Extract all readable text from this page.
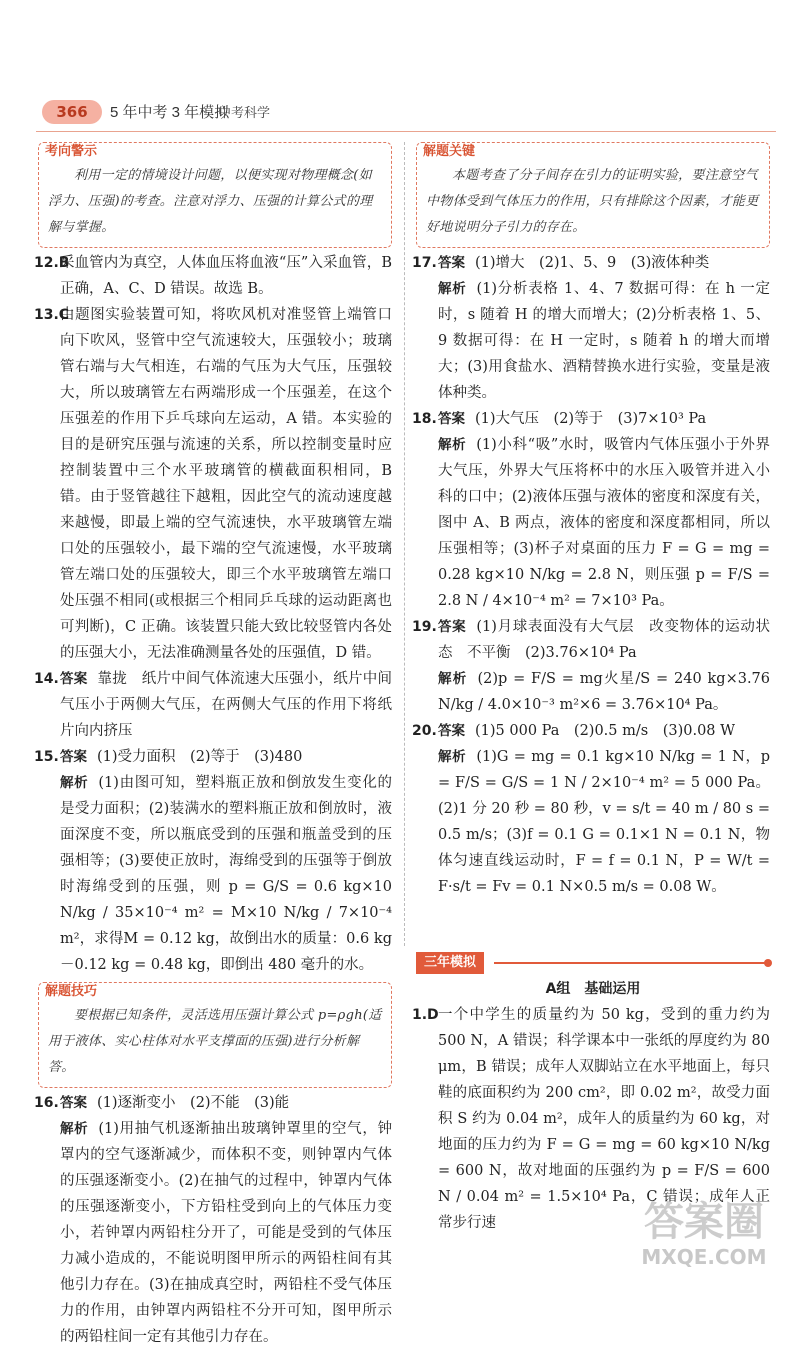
366	5 年中考 3 年模拟
中考科学
考向警示

利用一定的情境设计问题，以便实现对物理概念(如浮力、压强)的考查。注意对浮力、压强的计算公式的理解与掌握。

12.B

采血管内为真空，人体血压将血液“压”入采血管，B 正确，A、C、D 错误。故选 B。

13.C

由题图实验装置可知，将吹风机对准竖管上端管口向下吹风，竖管中空气流速较大，压强较小；玻璃管右端与大气相连，右端的气压为大气压，压强较大，所以玻璃管左右两端形成一个压强差，在这个压强差的作用下乒乓球向左运动，A 错。本实验的目的是研究压强与流速的关系，所以控制变量时应控制装置中三个水平玻璃管的横截面积相同，B 错。由于竖管越往下越粗，因此空气的流动速度越来越慢，即最上端的空气流速快，水平玻璃管左端口处的压强较小，最下端的空气流速慢，水平玻璃管左端口处的压强较大，即三个水平玻璃管左端口处压强不相同(或根据三个相同乒乓球的运动距离也可判断)，C 正确。该装置只能大致比较竖管内各处的压强大小，无法准确测量各处的压强值，D 错。

14. 答案 靠拢　纸片中间气体流速大压强小，纸片中间气压小于两侧大气压，在两侧大气压的作用下将纸片向内挤压

15. 答案 (1)受力面积　(2)等于　(3)480

解析 (1)由图可知，塑料瓶正放和倒放发生变化的是受力面积；(2)装满水的塑料瓶正放和倒放时，液面深度不变，所以瓶底受到的压强和瓶盖受到的压强相等；(3)要使正放时，海绵受到的压强等于倒放时海绵受到的压强，则 p = G/S = 0.6 kg×10 N/kg / 35×10⁻⁴ m² = M×10 N/kg / 7×10⁻⁴ m²，求得M = 0.12 kg，故倒出水的质量：0.6 kg－0.12 kg = 0.48 kg，即倒出 480 毫升的水。

解题技巧

要根据已知条件，灵活选用压强计算公式 p=ρgh(适用于液体、实心柱体对水平支撑面的压强)进行分析解答。

16. 答案 (1)逐渐变小　(2)不能　(3)能

解析 (1)用抽气机逐渐抽出玻璃钟罩里的空气，钟罩内的空气逐渐减少，而体积不变，则钟罩内气体的压强逐渐变小。(2)在抽气的过程中，钟罩内气体的压强逐渐变小，下方铅柱受到向上的气体压力变小，若钟罩内两铅柱分开了，可能是受到的气体压力减小造成的，不能说明图甲所示的两铅柱间有其他引力存在。(3)在抽成真空时，两铅柱不受气体压力的作用，由钟罩内两铅柱不分开可知，图甲所示的两铅柱间一定有其他引力存在。

解题关键

本题考查了分子间存在引力的证明实验，要注意空气中物体受到气体压力的作用，只有排除这个因素，才能更好地说明分子引力的存在。

17. 答案 (1)增大　(2)1、5、9　(3)液体种类

解析 (1)分析表格 1、4、7 数据可得：在 h 一定时，s 随着 H 的增大而增大；(2)分析表格 1、5、9 数据可得：在 H 一定时，s 随着 h 的增大而增大；(3)用食盐水、酒精替换水进行实验，变量是液体种类。

18. 答案 (1)大气压　(2)等于　(3)7×10³ Pa

解析 (1)小科“吸”水时，吸管内气体压强小于外界大气压，外界大气压将杯中的水压入吸管并进入小科的口中；(2)液体压强与液体的密度和深度有关，图中 A、B 两点，液体的密度和深度都相同，所以压强相等；(3)杯子对桌面的压力 F = G = mg = 0.28 kg×10 N/kg = 2.8 N，则压强 p = F/S = 2.8 N / 4×10⁻⁴ m² = 7×10³ Pa。

19. 答案 (1)月球表面没有大气层　改变物体的运动状态　不平衡　(2)3.76×10⁴ Pa

解析 (2)p = F/S = mg火星/S = 240 kg×3.76 N/kg / 4.0×10⁻³ m²×6 = 3.76×10⁴ Pa。

20. 答案 (1)5 000 Pa　(2)0.5 m/s　(3)0.08 W

解析 (1)G = mg = 0.1 kg×10 N/kg = 1 N，p = F/S = G/S = 1 N / 2×10⁻⁴ m² = 5 000 Pa。(2)1 分 20 秒 = 80 秒，v = s/t = 40 m / 80 s = 0.5 m/s；(3)f = 0.1 G = 0.1×1 N = 0.1 N，物体匀速直线运动时，F = f = 0.1 N，P = W/t = F·s/t = Fv = 0.1 N×0.5 m/s = 0.08 W。

三年模拟
A组　基础运用
1.D 一个中学生的质量约为 50 kg，受到的重力约为 500 N，A 错误；科学课本中一张纸的厚度约为 80 μm，B 错误；成年人双脚站立在水平地面上，每只鞋的底面积约为 200 cm²，即 0.02 m²，故受力面积 S 约为 0.04 m²，成年人的质量约为 60 kg，对地面的压力约为 F = G = mg = 60 kg×10 N/kg = 600 N，故对地面的压强约为 p = F/S = 600 N / 0.04 m² = 1.5×10⁴ Pa，C 错误；成年人正常步行速	答案圈
MXQE.COM
